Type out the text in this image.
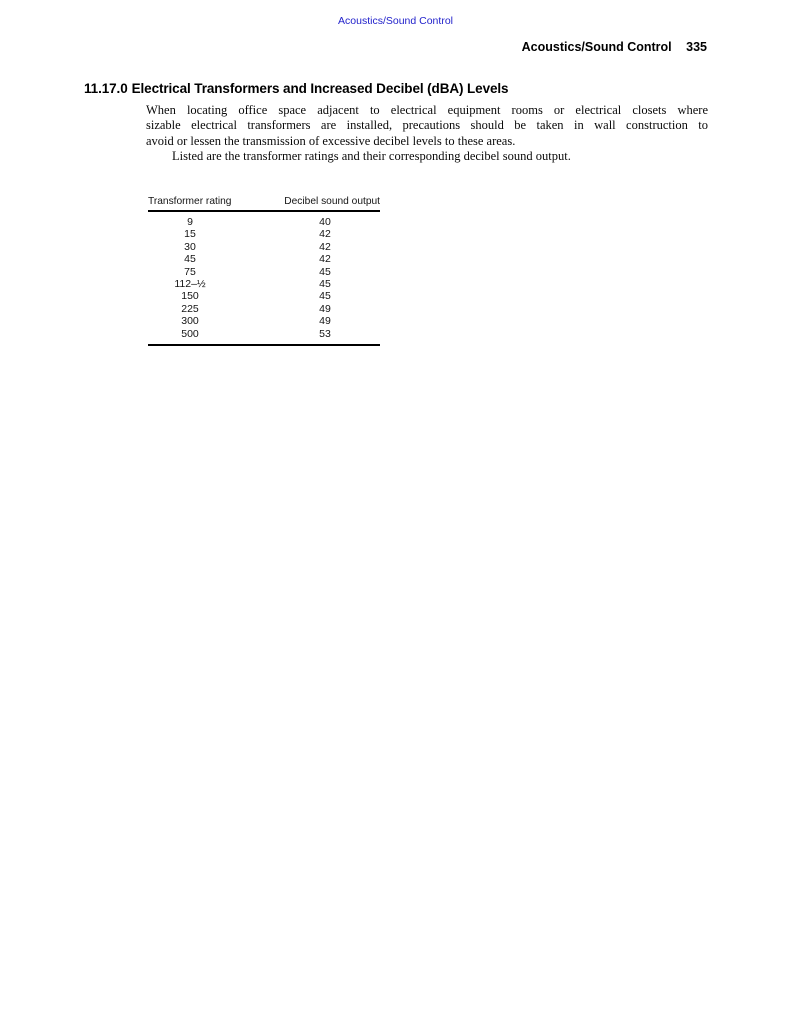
Acoustics/Sound Control
Acoustics/Sound Control 335
11.17.0 Electrical Transformers and Increased Decibel (dBA) Levels
When locating office space adjacent to electrical equipment rooms or electrical closets where
sizable electrical transformers are installed, precautions should be taken in wall construction to
avoid or lessen the transmission of excessive decibel levels to these areas.
Listed are the transformer ratings and their corresponding decibel sound output.
Transformer rating	Decibel sound output
9	40
15	42
30	42
45	42
75	45
112–½	45
150	45
225	49
300	49
500	53
